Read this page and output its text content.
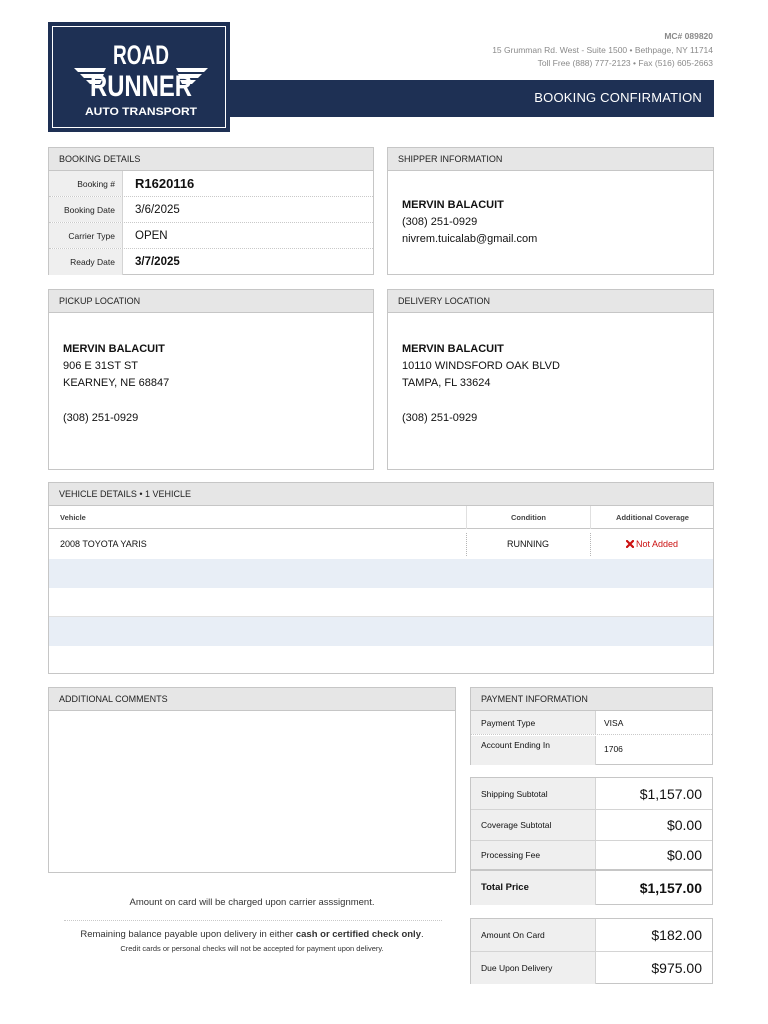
ROAD
RUNNER
AUTO TRANSPORT
MC# 089820
15 Grumman Rd. West - Suite 1500 • Bethpage, NY 11714
Toll Free (888) 777-2123 • Fax (516) 605-2663
BOOKING CONFIRMATION
BOOKING DETAILS
Booking #	R1620116
Booking Date	3/6/2025
Carrier Type	OPEN
Ready Date	3/7/2025
SHIPPER INFORMATION
MERVIN BALACUIT
(308) 251-0929
nivrem.tuicalab@gmail.com
PICKUP LOCATION
MERVIN BALACUIT
906 E 31ST ST
KEARNEY, NE 68847
(308) 251-0929
DELIVERY LOCATION
MERVIN BALACUIT
10110 WINDSFORD OAK BLVD
TAMPA, FL 33624
(308) 251-0929
VEHICLE DETAILS • 1 VEHICLE
Vehicle	Condition	Additional Coverage
2008 TOYOTA YARIS	RUNNING	Not Added
ADDITIONAL COMMENTS
Amount on card will be charged upon carrier asssignment.
Remaining balance payable upon delivery in either cash or certified check only.
Credit cards or personal checks will not be accepted for payment upon delivery.
PAYMENT INFORMATION
Payment Type	VISA
Account Ending In	1706
Shipping Subtotal	$1,157.00
Coverage Subtotal	$0.00
Processing Fee	$0.00
Total Price	$1,157.00
Amount On Card	$182.00
Due Upon Delivery	$975.00
